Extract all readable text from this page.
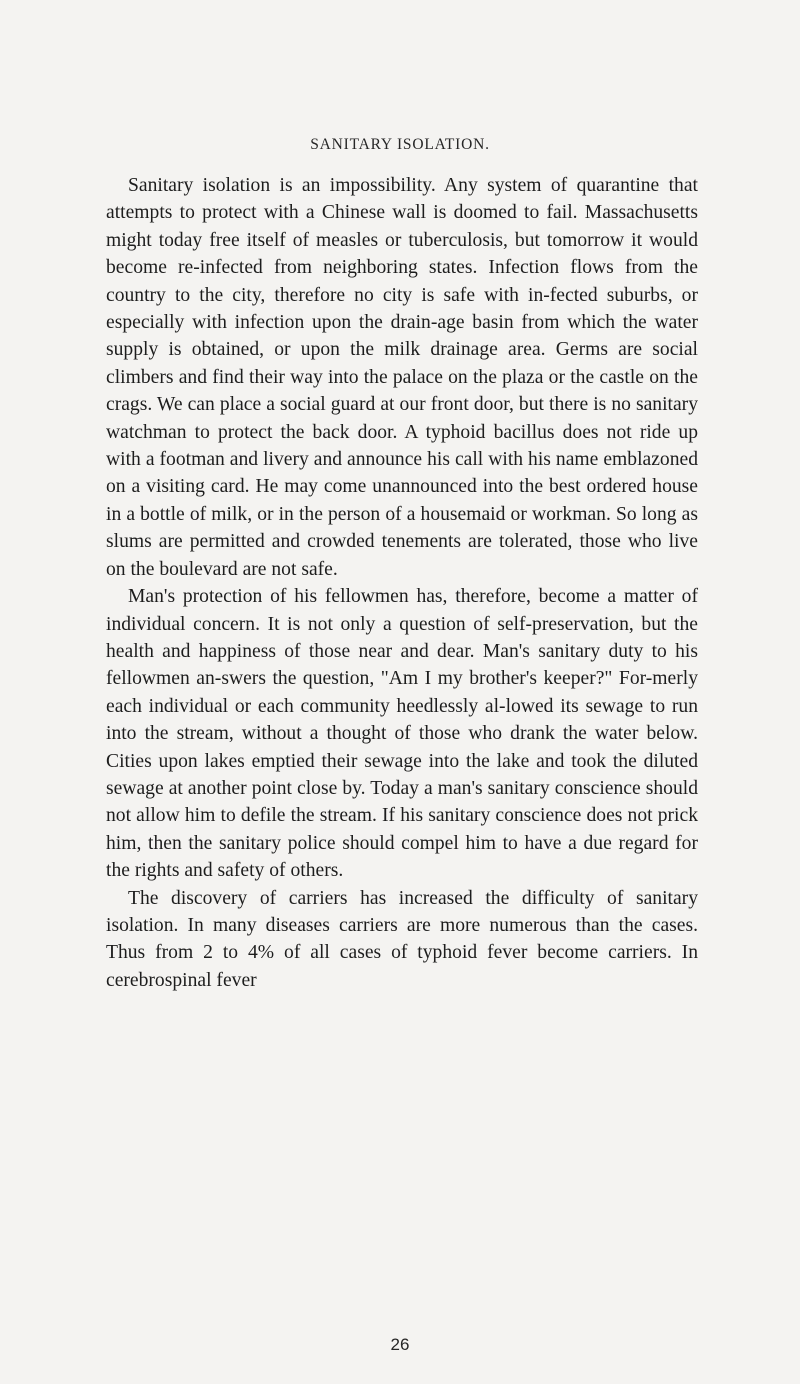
SANITARY ISOLATION.

Sanitary isolation is an impossibility. Any system of quarantine that attempts to protect with a Chinese wall is doomed to fail. Massachusetts might today free itself of measles or tuberculosis, but tomorrow it would become re-infected from neighboring states. Infection flows from the country to the city, therefore no city is safe with in-fected suburbs, or especially with infection upon the drain-age basin from which the water supply is obtained, or upon the milk drainage area. Germs are social climbers and find their way into the palace on the plaza or the castle on the crags. We can place a social guard at our front door, but there is no sanitary watchman to protect the back door. A typhoid bacillus does not ride up with a footman and livery and announce his call with his name emblazoned on a visiting card. He may come unannounced into the best ordered house in a bottle of milk, or in the person of a housemaid or workman. So long as slums are permitted and crowded tenements are tolerated, those who live on the boulevard are not safe.

Man's protection of his fellowmen has, therefore, become a matter of individual concern. It is not only a question of self-preservation, but the health and happiness of those near and dear. Man's sanitary duty to his fellowmen an-swers the question, "Am I my brother's keeper?" For-merly each individual or each community heedlessly al-lowed its sewage to run into the stream, without a thought of those who drank the water below. Cities upon lakes emptied their sewage into the lake and took the diluted sewage at another point close by. Today a man's sanitary conscience should not allow him to defile the stream. If his sanitary conscience does not prick him, then the sanitary police should compel him to have a due regard for the rights and safety of others.

The discovery of carriers has increased the difficulty of sanitary isolation. In many diseases carriers are more numerous than the cases. Thus from 2 to 4% of all cases of typhoid fever become carriers. In cerebrospinal fever

26
